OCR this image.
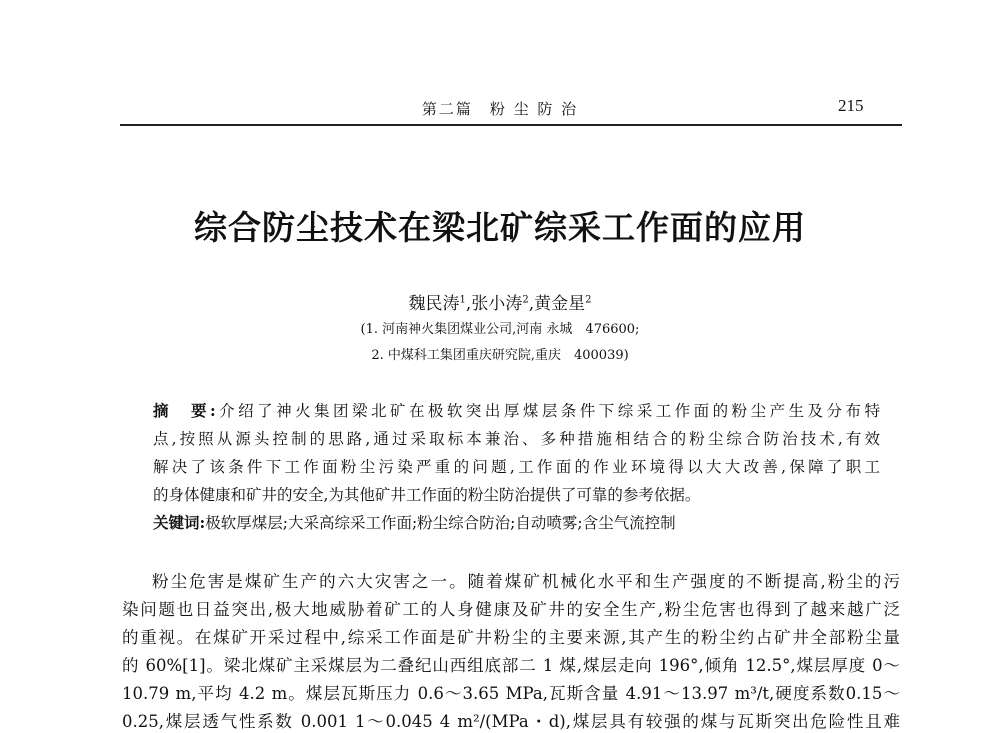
第二篇　粉 尘 防 治	215
综合防尘技术在梁北矿综采工作面的应用
魏民涛$^1$,张小涛$^2$,黄金星$^2$
(1. 河南神火集团煤业公司,河南 永城　476600;
2. 中煤科工集团重庆研究院,重庆　400039)
摘　要:介绍了神火集团梁北矿在极软突出厚煤层条件下综采工作面的粉尘产生及分布特
点,按照从源头控制的思路,通过采取标本兼治、多种措施相结合的粉尘综合防治技术,有效
解决了该条件下工作面粉尘污染严重的问题,工作面的作业环境得以大大改善,保障了职工
的身体健康和矿井的安全,为其他矿井工作面的粉尘防治提供了可靠的参考依据。
关键词:极软厚煤层;大采高综采工作面;粉尘综合防治;自动喷雾;含尘气流控制
粉尘危害是煤矿生产的六大灾害之一。随着煤矿机械化水平和生产强度的不断提高,粉尘的污
染问题也日益突出,极大地威胁着矿工的人身健康及矿井的安全生产,粉尘危害也得到了越来越广泛
的重视。在煤矿开采过程中,综采工作面是矿井粉尘的主要来源,其产生的粉尘约占矿井全部粉尘量
的 60%[1]。梁北煤矿主采煤层为二叠纪山西组底部二 1 煤,煤层走向 196°,倾角 12.5°,煤层厚度 0～
10.79 m,平均 4.2 m。煤层瓦斯压力 0.6～3.65 MPa,瓦斯含量 4.91～13.97 m³/t,硬度系数0.15～
0.25,煤层透气性系数 0.001 1～0.045 4 m²/(MPa・d),煤层具有较强的煤与瓦斯突出危险性且难
